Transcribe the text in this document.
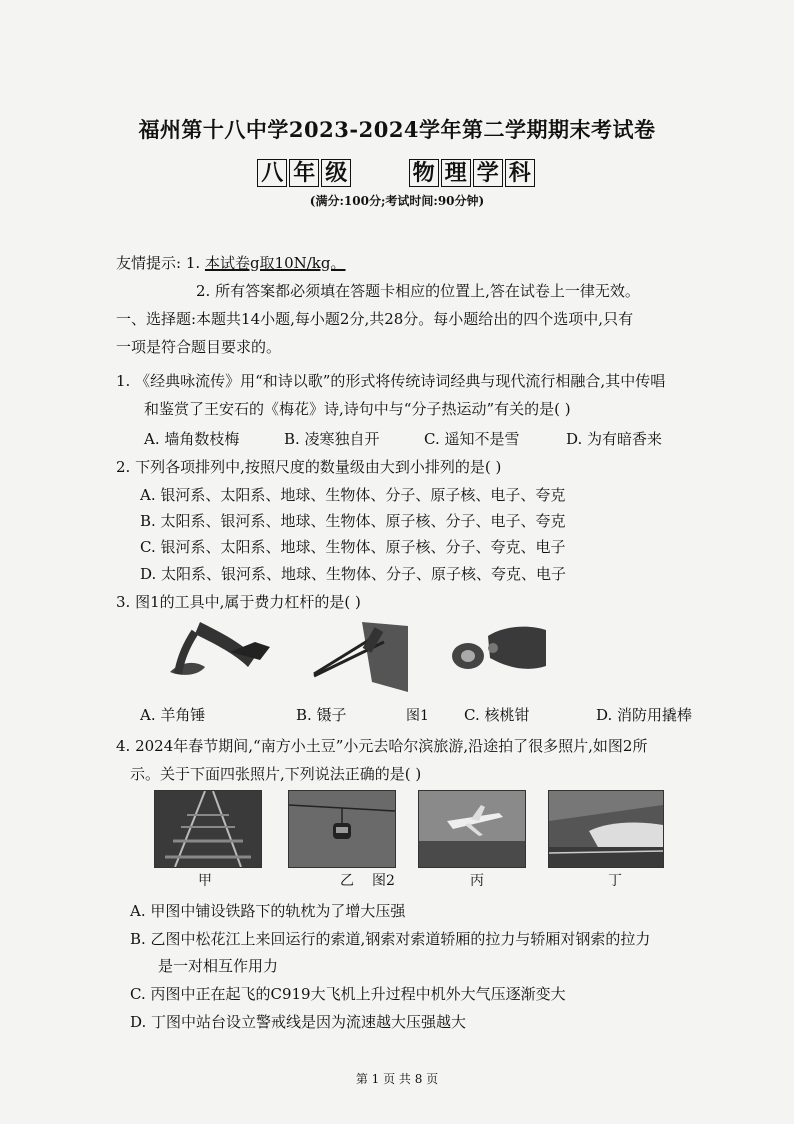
福州第十八中学2023-2024学年第二学期期末考试卷
八 年 级	物 理 学 科
(满分:100分;考试时间:90分钟)
友情提示: 1. 本试卷g取10N/kg。
2. 所有答案都必须填在答题卡相应的位置上,答在试卷上一律无效。
一、选择题:本题共14小题,每小题2分,共28分。每小题给出的四个选项中,只有
一项是符合题目要求的。
1. 《经典咏流传》用“和诗以歌”的形式将传统诗词经典与现代流行相融合,其中传唱
和鉴赏了王安石的《梅花》诗,诗句中与“分子热运动”有关的是( )
A. 墙角数枝梅	B. 凌寒独自开	C. 遥知不是雪	D. 为有暗香来
2. 下列各项排列中,按照尺度的数量级由大到小排列的是( )
A. 银河系、太阳系、地球、生物体、分子、原子核、电子、夸克
B. 太阳系、银河系、地球、生物体、原子核、分子、电子、夸克
C. 银河系、太阳系、地球、生物体、原子核、分子、夸克、电子
D. 太阳系、银河系、地球、生物体、分子、原子核、夸克、电子
3. 图1的工具中,属于费力杠杆的是( )
A. 羊角锤	B. 镊子	图1 C. 核桃钳	D. 消防用撬棒
4. 2024年春节期间,“南方小土豆”小元去哈尔滨旅游,沿途拍了很多照片,如图2所
示。关于下面四张照片,下列说法正确的是( )
甲	乙 图2	丙	丁
A. 甲图中铺设铁路下的轨枕为了增大压强
B. 乙图中松花江上来回运行的索道,钢索对索道轿厢的拉力与轿厢对钢索的拉力
是一对相互作用力
C. 丙图中正在起飞的C919大飞机上升过程中机外大气压逐渐变大
D. 丁图中站台设立警戒线是因为流速越大压强越大
第 1 页 共 8 页
